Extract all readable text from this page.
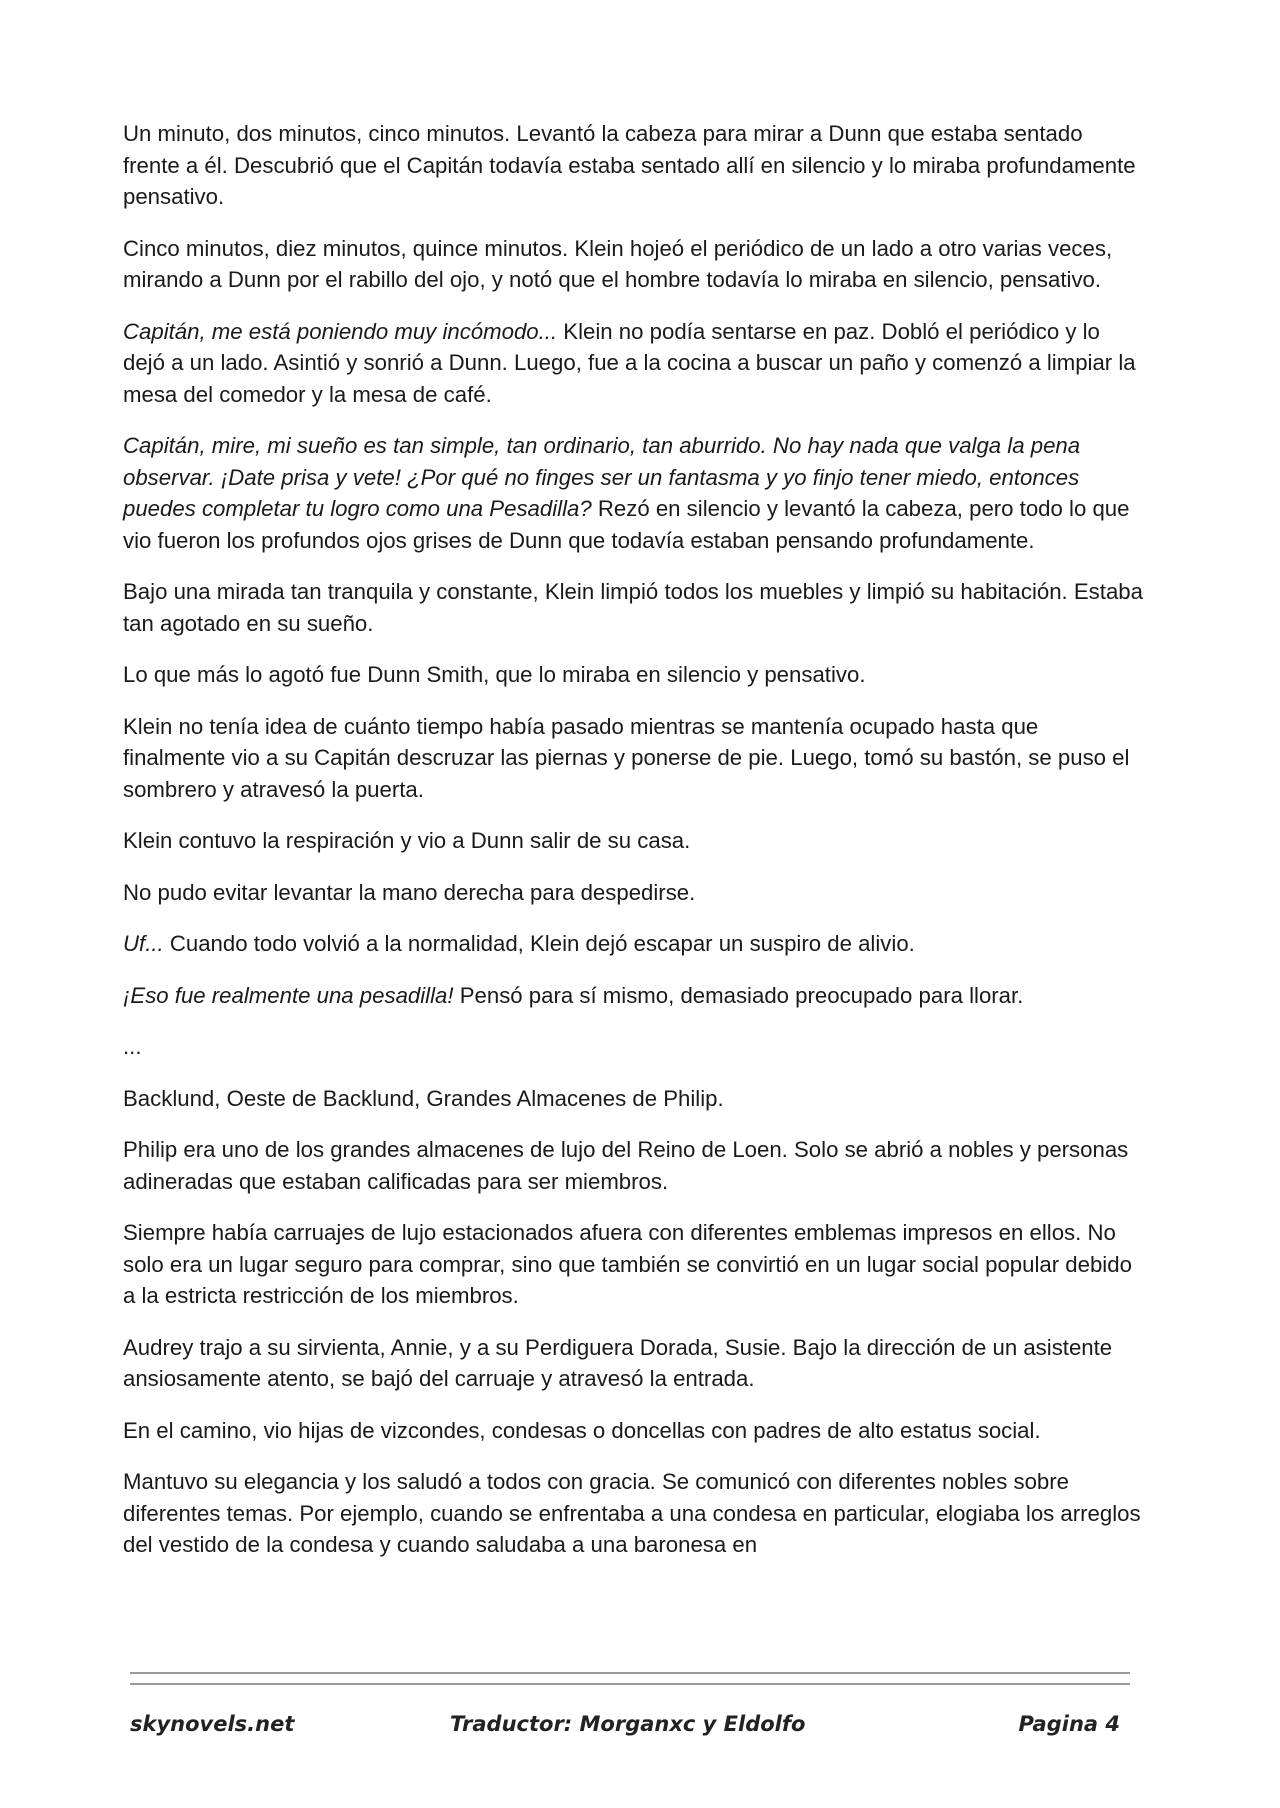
Un minuto, dos minutos, cinco minutos. Levantó la cabeza para mirar a Dunn que estaba sentado frente a él. Descubrió que el Capitán todavía estaba sentado allí en silencio y lo miraba profundamente pensativo.

Cinco minutos, diez minutos, quince minutos. Klein hojeó el periódico de un lado a otro varias veces, mirando a Dunn por el rabillo del ojo, y notó que el hombre todavía lo miraba en silencio, pensativo.

Capitán, me está poniendo muy incómodo... Klein no podía sentarse en paz. Dobló el periódico y lo dejó a un lado. Asintió y sonrió a Dunn. Luego, fue a la cocina a buscar un paño y comenzó a limpiar la mesa del comedor y la mesa de café.

Capitán, mire, mi sueño es tan simple, tan ordinario, tan aburrido. No hay nada que valga la pena observar. ¡Date prisa y vete! ¿Por qué no finges ser un fantasma y yo finjo tener miedo, entonces puedes completar tu logro como una Pesadilla? Rezó en silencio y levantó la cabeza, pero todo lo que vio fueron los profundos ojos grises de Dunn que todavía estaban pensando profundamente.

Bajo una mirada tan tranquila y constante, Klein limpió todos los muebles y limpió su habitación. Estaba tan agotado en su sueño.

Lo que más lo agotó fue Dunn Smith, que lo miraba en silencio y pensativo.

Klein no tenía idea de cuánto tiempo había pasado mientras se mantenía ocupado hasta que finalmente vio a su Capitán descruzar las piernas y ponerse de pie. Luego, tomó su bastón, se puso el sombrero y atravesó la puerta.

Klein contuvo la respiración y vio a Dunn salir de su casa.

No pudo evitar levantar la mano derecha para despedirse.

Uf... Cuando todo volvió a la normalidad, Klein dejó escapar un suspiro de alivio.

¡Eso fue realmente una pesadilla! Pensó para sí mismo, demasiado preocupado para llorar.

...

Backlund, Oeste de Backlund, Grandes Almacenes de Philip.

Philip era uno de los grandes almacenes de lujo del Reino de Loen. Solo se abrió a nobles y personas adineradas que estaban calificadas para ser miembros.

Siempre había carruajes de lujo estacionados afuera con diferentes emblemas impresos en ellos. No solo era un lugar seguro para comprar, sino que también se convirtió en un lugar social popular debido a la estricta restricción de los miembros.

Audrey trajo a su sirvienta, Annie, y a su Perdiguera Dorada, Susie. Bajo la dirección de un asistente ansiosamente atento, se bajó del carruaje y atravesó la entrada.

En el camino, vio hijas de vizcondes, condesas o doncellas con padres de alto estatus social.

Mantuvo su elegancia y los saludó a todos con gracia. Se comunicó con diferentes nobles sobre diferentes temas. Por ejemplo, cuando se enfrentaba a una condesa en particular, elogiaba los arreglos del vestido de la condesa y cuando saludaba a una baronesa en

skynovels.net	Traductor: Morganxc y Eldolfo	Pagina 4
